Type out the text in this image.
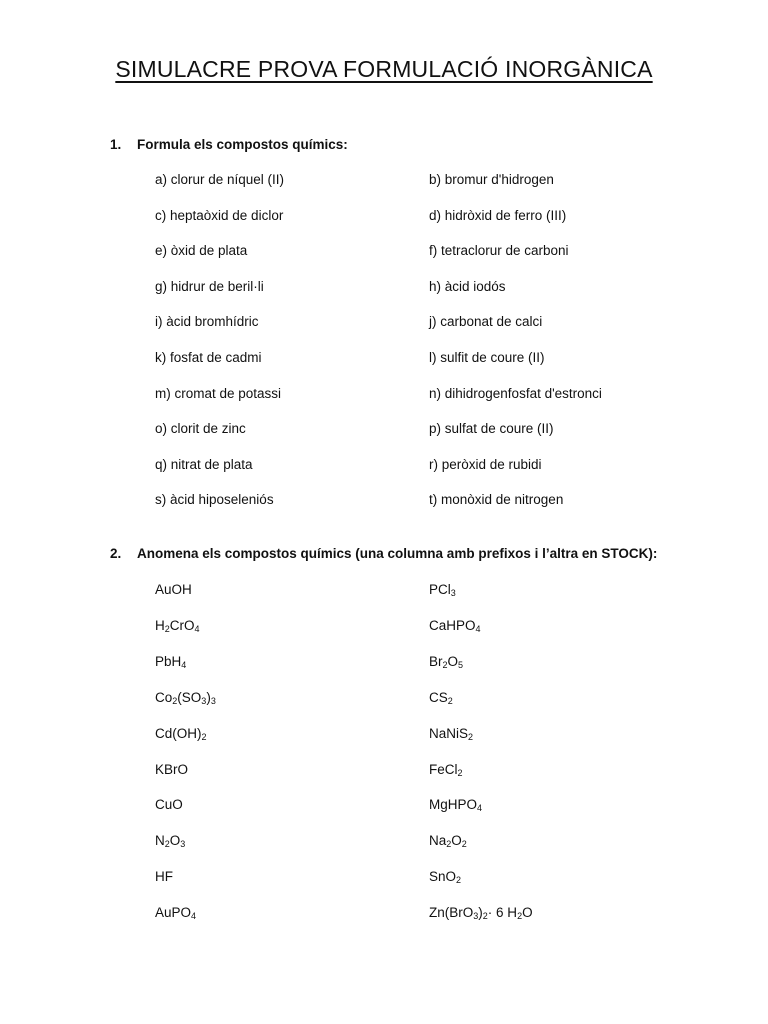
SIMULACRE PROVA FORMULACIÓ INORGÀNICA
1. Formula els compostos químics:
a) clorur de níquel (II)
c) heptaòxid de diclor
e) òxid de plata
g) hidrur de beril·li
i) àcid bromhídric
k) fosfat de cadmi
m) cromat de potassi
o) clorit de zinc
q) nitrat de plata
s) àcid hiposeleniós
b) bromur d'hidrogen
d) hidròxid de ferro (III)
f) tetraclorur de carboni
h) àcid iodós
j) carbonat de calci
l) sulfit de coure (II)
n) dihidrogenfosfat d'estronci
p) sulfat de coure (II)
r) peròxid de rubidi
t) monòxid de nitrogen
2. Anomena els compostos químics (una columna amb prefixos i l’altra en STOCK):
AuOH
$H_2CrO_4$
PbH$_4$
$Co_2(SO_3)_3$
$Cd(OH)_2$
KBrO
CuO
$N_2O_3$
HF
AuPO$_4$
PCl$_3$
CaHPO$_4$
$Br_2O_5$
$CS_2$
NaNiS$_2$
FeCl$_2$
MgHPO$_4$
$Na_2O_2$
SnO$_2$
$Zn(BrO_3)_2\cdot 6$ $H_2O$
